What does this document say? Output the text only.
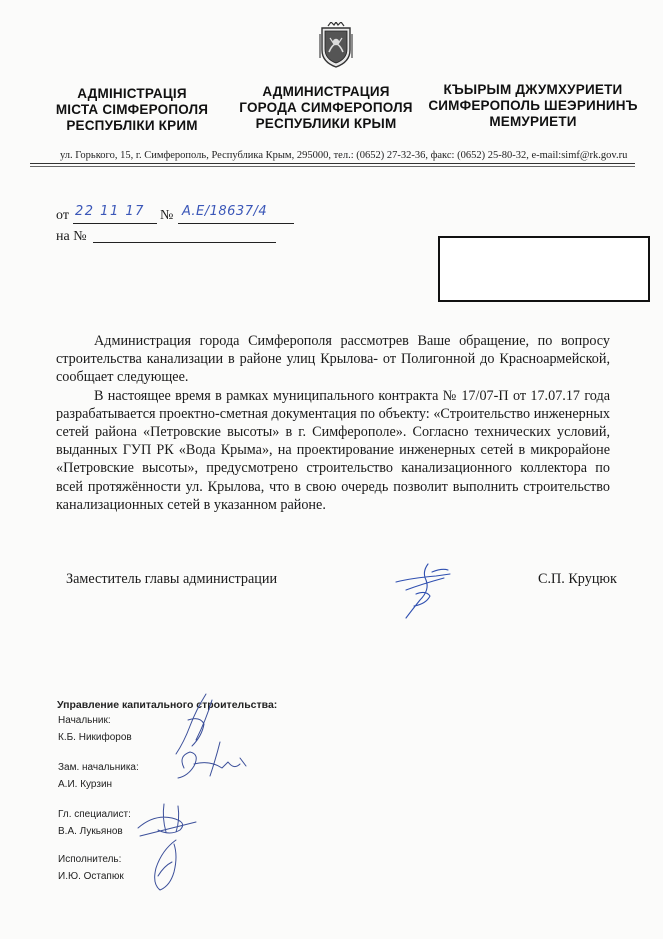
АДМІНІСТРАЦІЯ
МІСТА СІМФЕРОПОЛЯ
РЕСПУБЛІКИ КРИМ
АДМИНИСТРАЦИЯ
ГОРОДА СИМФЕРОПОЛЯ
РЕСПУБЛИКИ КРЫМ
КЪЫРЫМ ДЖУМХУРИЕТИ
СИМФЕРОПОЛЬ ШЕЭРИНИНЪ
МЕМУРИЕТИ
ул. Горького, 15, г. Симферополь, Республика Крым, 295000, тел.: (0652) 27-32-36, факс: (0652) 25-80-32, e-mail:simf@rk.gov.ru
от 22 11 17 № А.Е/18637/4
на №

Администрация города Симферополя рассмотрев Ваше обращение, по вопросу строительства канализации в районе улиц Крылова- от Полигонной до Красноармейской, сообщает следующее.

В настоящее время в рамках муниципального контракта № 17/07-П от 17.07.17 года разрабатывается проектно-сметная документация по объекту: «Строительство инженерных сетей района «Петровские высоты» в г. Симферополе». Согласно технических условий, выданных ГУП РК «Вода Крыма», на проектирование инженерных сетей в микрорайоне «Петровские высоты», предусмотрено строительство канализационного коллектора по всей протяжённости ул. Крылова, что в свою очередь позволит выполнить строительство канализационных сетей в указанном районе.

Заместитель главы администрации	С.П. Круцюк
Управление капитального строительства:
Начальник:
К.Б. Никифоров
Зам. начальника:
А.И. Курзин
Гл. специалист:
В.А. Лукьянов
Исполнитель:
И.Ю. Остапюк
